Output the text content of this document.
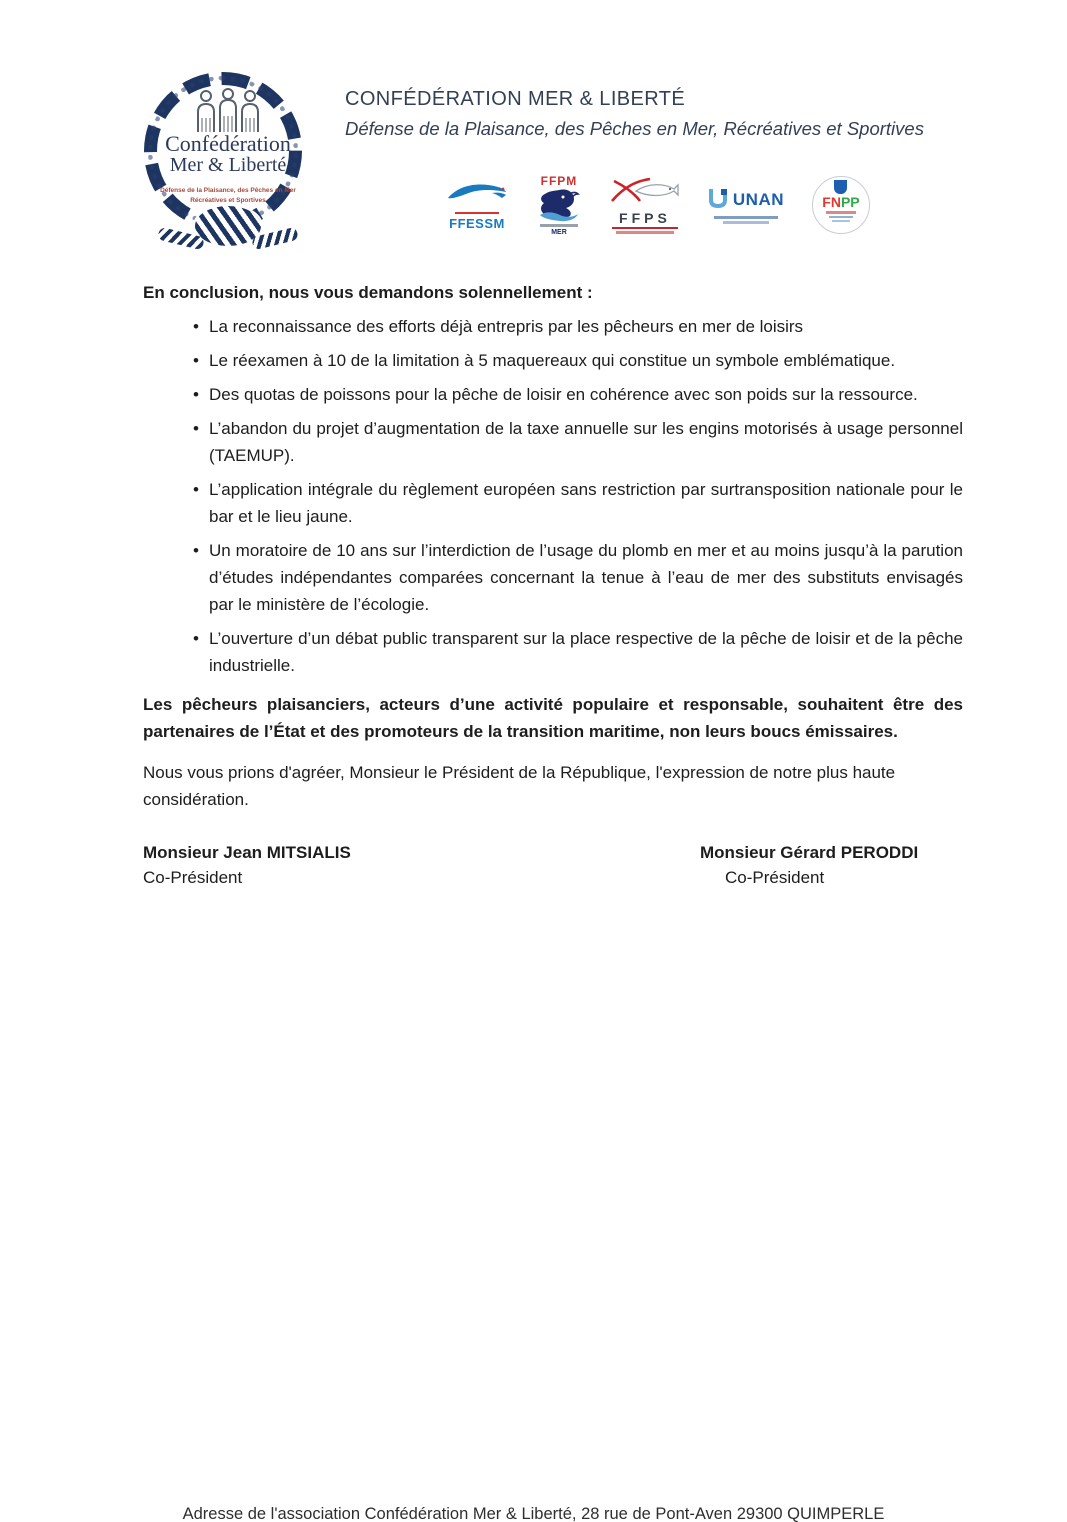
Confédération
Mer & Liberté
Défense de la Plaisance, des Pêches en Mer
Récréatives et Sportives
CONFÉDÉRATION MER & LIBERTÉ
Défense de la Plaisance, des Pêches en Mer, Récréatives et Sportives
FFESSM
FFPM
MER
FFPS
UNAN	FNPP
En conclusion, nous vous demandons solennellement :
• La reconnaissance des efforts déjà entrepris par les pêcheurs en mer de loisirs
• Le réexamen à 10 de la limitation à 5 maquereaux qui constitue un symbole emblématique.
• Des quotas de poissons pour la pêche de loisir en cohérence avec son poids sur la ressource.
• L’abandon du projet d’augmentation de la taxe annuelle sur les engins motorisés à usage personnel (TAEMUP).
• L’application intégrale du règlement européen sans restriction par surtransposition nationale pour le bar et le lieu jaune.
• Un moratoire de 10 ans sur l’interdiction de l’usage du plomb en mer et au moins jusqu’à la parution d’études indépendantes comparées concernant la tenue à l’eau de mer des substituts envisagés par le ministère de l’écologie.
• L’ouverture d’un débat public transparent sur la place respective de la pêche de loisir et de la pêche industrielle.
Les pêcheurs plaisanciers, acteurs d’une activité populaire et responsable, souhaitent être des partenaires de l’État et des promoteurs de la transition maritime, non leurs boucs émissaires.
Nous vous prions d'agréer, Monsieur le Président de la République, l'expression de notre plus haute considération.
Monsieur Jean MITSIALIS
Co-Président
Monsieur Gérard PERODDI
Co-Président
Adresse de l'association Confédération Mer & Liberté, 28 rue de Pont-Aven 29300 QUIMPERLE
